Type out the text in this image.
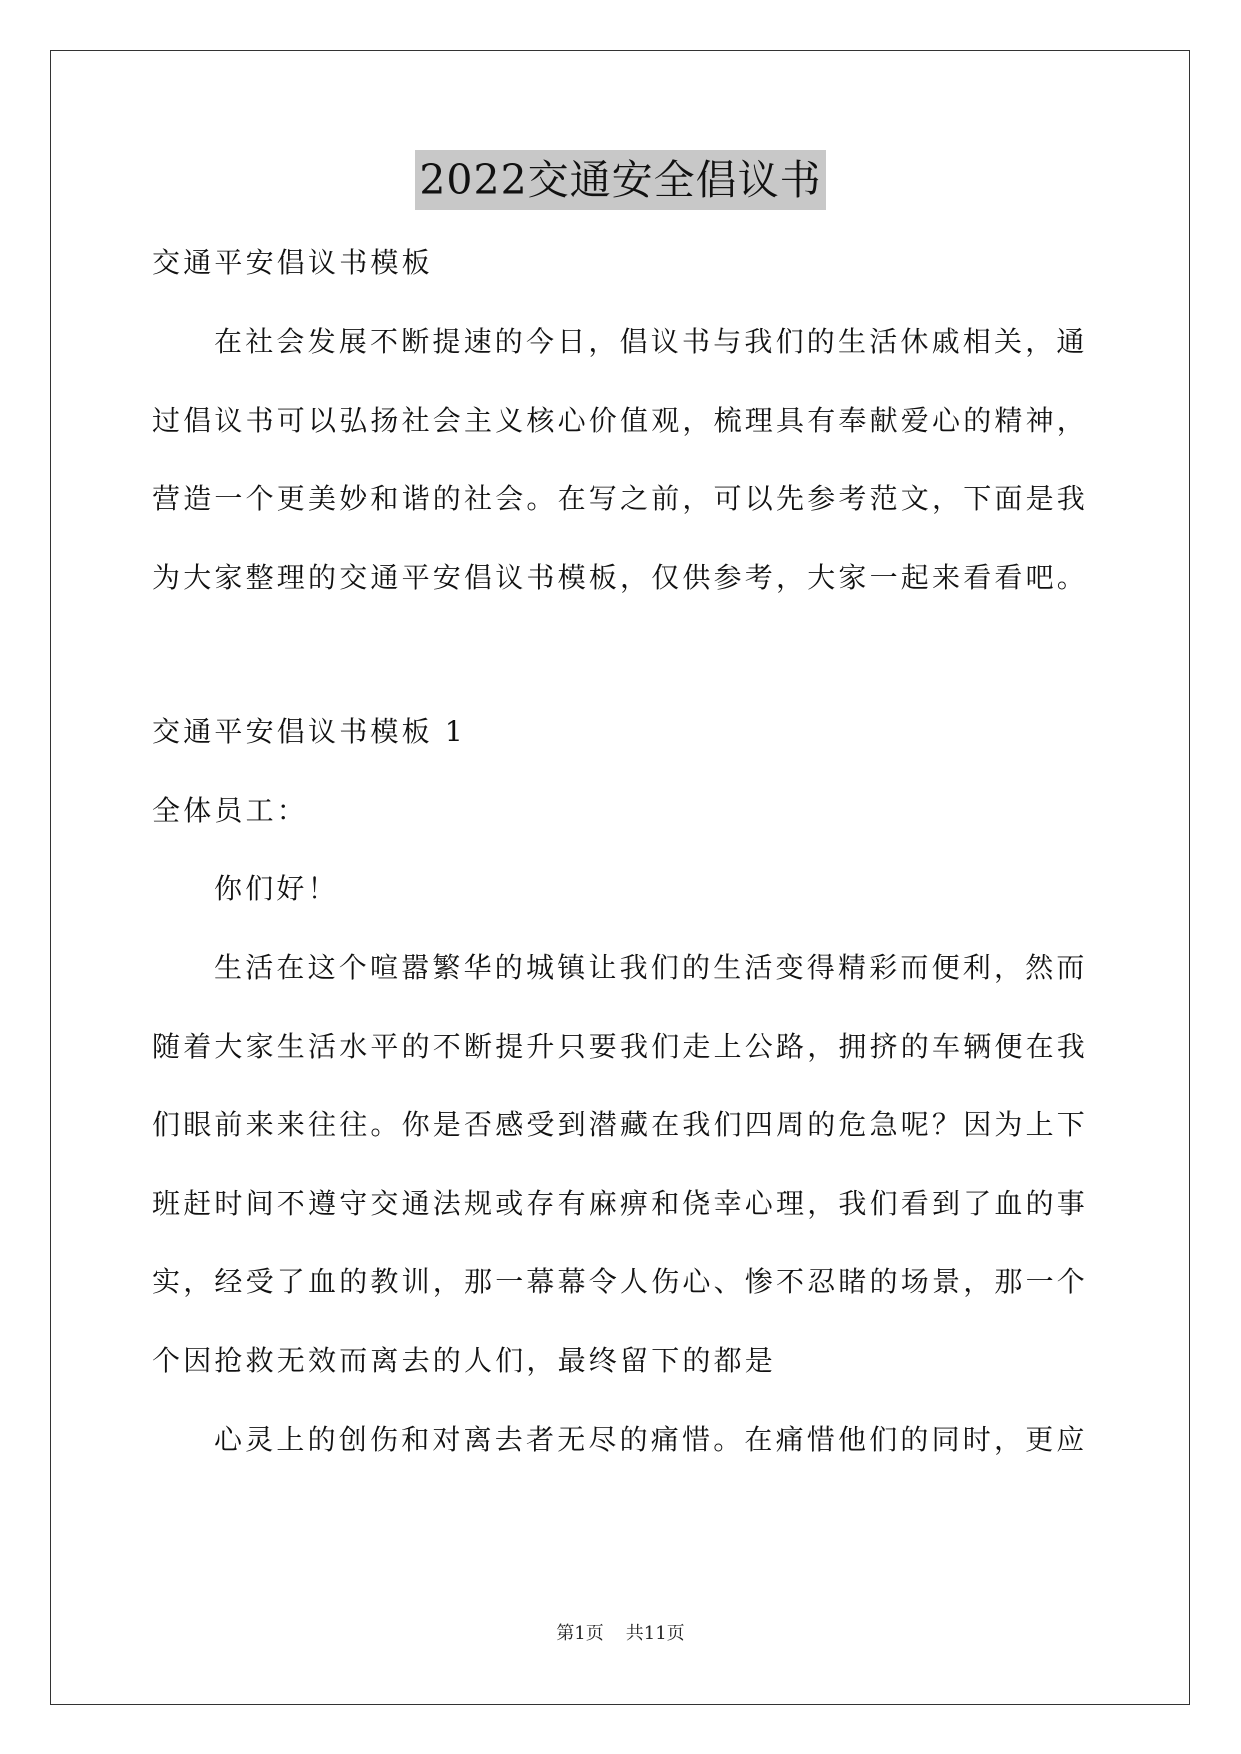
2022交通安全倡议书
交通平安倡议书模板
在社会发展不断提速的今日，倡议书与我们的生活休戚相关，通
过倡议书可以弘扬社会主义核心价值观，梳理具有奉献爱心的精神，
营造一个更美妙和谐的社会。在写之前，可以先参考范文，下面是我
为大家整理的交通平安倡议书模板，仅供参考，大家一起来看看吧。
交通平安倡议书模板 1
全体员工：
你们好！
生活在这个喧嚣繁华的城镇让我们的生活变得精彩而便利，然而
随着大家生活水平的不断提升只要我们走上公路，拥挤的车辆便在我
们眼前来来往往。你是否感受到潜藏在我们四周的危急呢？因为上下
班赶时间不遵守交通法规或存有麻痹和侥幸心理，我们看到了血的事
实，经受了血的教训，那一幕幕令人伤心、惨不忍睹的场景，那一个
个因抢救无效而离去的人们，最终留下的都是
心灵上的创伤和对离去者无尽的痛惜。在痛惜他们的同时，更应
第1页 共11页
